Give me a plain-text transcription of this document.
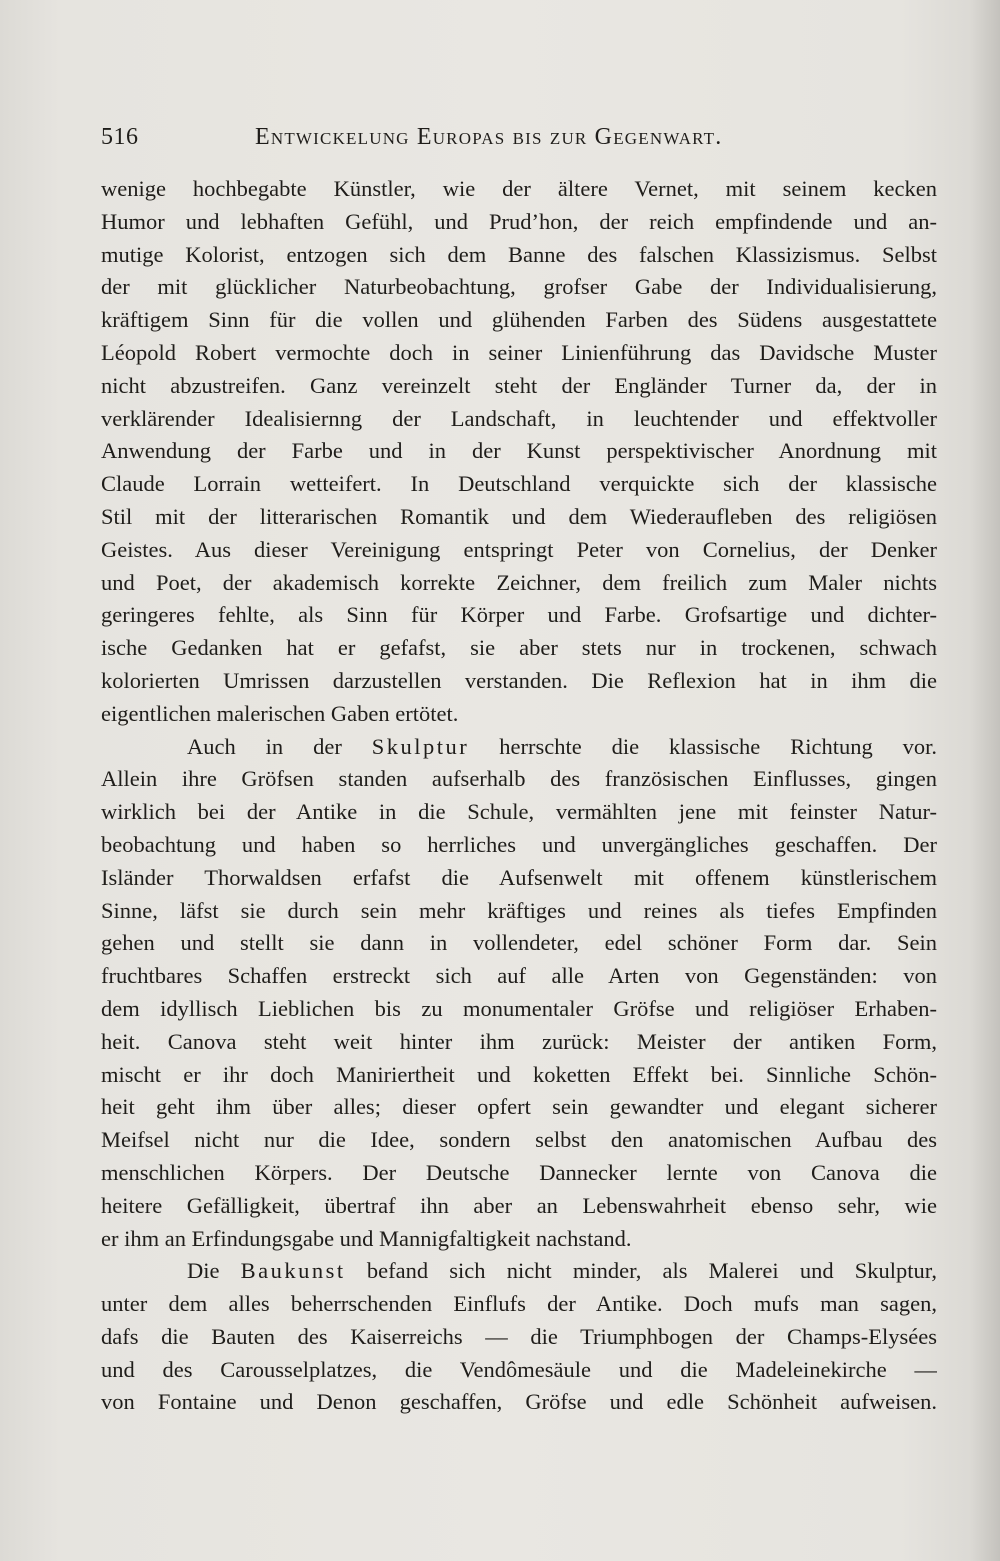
516	Entwickelung Europas bis zur Gegenwart.
wenige hochbegabte Künstler, wie der ältere Vernet, mit seinem kecken
Humor und lebhaften Gefühl, und Prud’hon, der reich empfindende und an-
mutige Kolorist, entzogen sich dem Banne des falschen Klassizismus. Selbst
der mit glücklicher Naturbeobachtung, grofser Gabe der Individualisierung,
kräftigem Sinn für die vollen und glühenden Farben des Südens ausgestattete
Léopold Robert vermochte doch in seiner Linienführung das Davidsche Muster
nicht abzustreifen. Ganz vereinzelt steht der Engländer Turner da, der in
verklärender Idealisiernng der Landschaft, in leuchtender und effektvoller
Anwendung der Farbe und in der Kunst perspektivischer Anordnung mit
Claude Lorrain wetteifert. In Deutschland verquickte sich der klassische
Stil mit der litterarischen Romantik und dem Wiederaufleben des religiösen
Geistes. Aus dieser Vereinigung entspringt Peter von Cornelius, der Denker
und Poet, der akademisch korrekte Zeichner, dem freilich zum Maler nichts
geringeres fehlte, als Sinn für Körper und Farbe. Grofsartige und dichter-
ische Gedanken hat er gefafst, sie aber stets nur in trockenen, schwach
kolorierten Umrissen darzustellen verstanden. Die Reflexion hat in ihm die
eigentlichen malerischen Gaben ertötet.
Auch in der Skulptur herrschte die klassische Richtung vor.
Allein ihre Gröfsen standen aufserhalb des französischen Einflusses, gingen
wirklich bei der Antike in die Schule, vermählten jene mit feinster Natur-
beobachtung und haben so herrliches und unvergängliches geschaffen. Der
Isländer Thorwaldsen erfafst die Aufsenwelt mit offenem künstlerischem
Sinne, läfst sie durch sein mehr kräftiges und reines als tiefes Empfinden
gehen und stellt sie dann in vollendeter, edel schöner Form dar. Sein
fruchtbares Schaffen erstreckt sich auf alle Arten von Gegenständen: von
dem idyllisch Lieblichen bis zu monumentaler Gröfse und religiöser Erhaben-
heit. Canova steht weit hinter ihm zurück: Meister der antiken Form,
mischt er ihr doch Maniriertheit und koketten Effekt bei. Sinnliche Schön-
heit geht ihm über alles; dieser opfert sein gewandter und elegant sicherer
Meifsel nicht nur die Idee, sondern selbst den anatomischen Aufbau des
menschlichen Körpers. Der Deutsche Dannecker lernte von Canova die
heitere Gefälligkeit, übertraf ihn aber an Lebenswahrheit ebenso sehr, wie
er ihm an Erfindungsgabe und Mannigfaltigkeit nachstand.
Die Baukunst befand sich nicht minder, als Malerei und Skulptur,
unter dem alles beherrschenden Einflufs der Antike. Doch mufs man sagen,
dafs die Bauten des Kaiserreichs — die Triumphbogen der Champs-Elysées
und des Carousselplatzes, die Vendômesäule und die Madeleinekirche —
von Fontaine und Denon geschaffen, Gröfse und edle Schönheit aufweisen.
